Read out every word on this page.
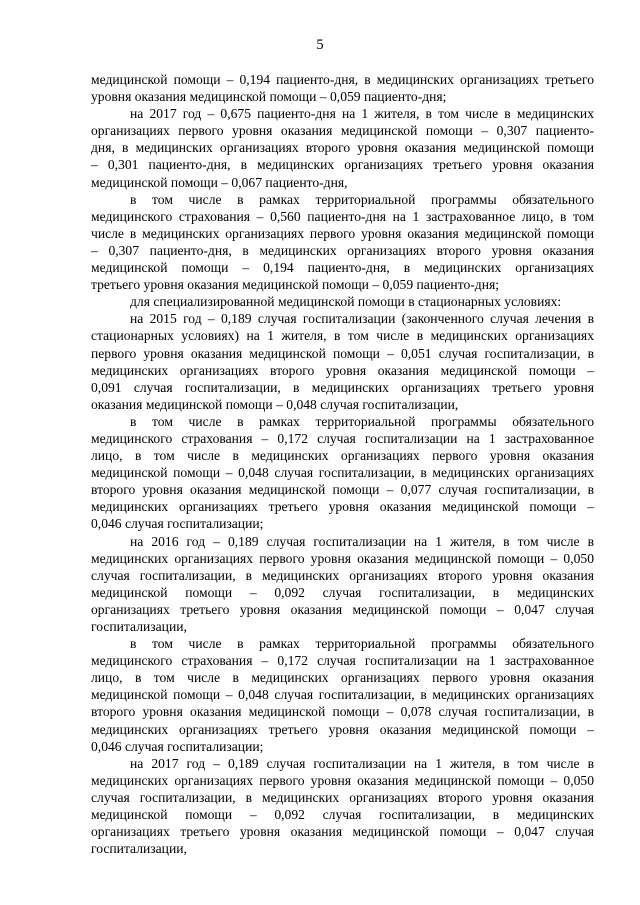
5
медицинской помощи – 0,194 пациенто-дня, в медицинских организациях третьего
уровня оказания медицинской помощи – 0,059 пациенто-дня;
на 2017 год – 0,675 пациенто-дня на 1 жителя, в том числе в медицинских
организациях первого уровня оказания медицинской помощи – 0,307 пациенто-
дня, в медицинских организациях второго уровня оказания медицинской помощи
– 0,301 пациенто-дня, в медицинских организациях третьего уровня оказания
медицинской помощи – 0,067 пациенто-дня,
в том числе в рамках территориальной программы обязательного
медицинского страхования – 0,560 пациенто-дня на 1 застрахованное лицо, в том
числе в медицинских организациях первого уровня оказания медицинской помощи
– 0,307 пациенто-дня, в медицинских организациях второго уровня оказания
медицинской помощи – 0,194 пациенто-дня, в медицинских организациях
третьего уровня оказания медицинской помощи – 0,059 пациенто-дня;
для специализированной медицинской помощи в стационарных условиях:
на 2015 год – 0,189 случая госпитализации (законченного случая лечения в
стационарных условиях) на 1 жителя, в том числе в медицинских организациях
первого уровня оказания медицинской помощи – 0,051 случая госпитализации, в
медицинских организациях второго уровня оказания медицинской помощи –
0,091 случая госпитализации, в медицинских организациях третьего уровня
оказания медицинской помощи – 0,048 случая госпитализации,
в том числе в рамках территориальной программы обязательного
медицинского страхования – 0,172 случая госпитализации на 1 застрахованное
лицо, в том числе в медицинских организациях первого уровня оказания
медицинской помощи – 0,048 случая госпитализации, в медицинских организациях
второго уровня оказания медицинской помощи – 0,077 случая госпитализации, в
медицинских организациях третьего уровня оказания медицинской помощи –
0,046 случая госпитализации;
на 2016 год – 0,189 случая госпитализации на 1 жителя, в том числе в
медицинских организациях первого уровня оказания медицинской помощи – 0,050
случая госпитализации, в медицинских организациях второго уровня оказания
медицинской помощи – 0,092 случая госпитализации, в медицинских
организациях третьего уровня оказания медицинской помощи – 0,047 случая
госпитализации,
в том числе в рамках территориальной программы обязательного
медицинского страхования – 0,172 случая госпитализации на 1 застрахованное
лицо, в том числе в медицинских организациях первого уровня оказания
медицинской помощи – 0,048 случая госпитализации, в медицинских организациях
второго уровня оказания медицинской помощи – 0,078 случая госпитализации, в
медицинских организациях третьего уровня оказания медицинской помощи –
0,046 случая госпитализации;
на 2017 год – 0,189 случая госпитализации на 1 жителя, в том числе в
медицинских организациях первого уровня оказания медицинской помощи – 0,050
случая госпитализации, в медицинских организациях второго уровня оказания
медицинской помощи – 0,092 случая госпитализации, в медицинских
организациях третьего уровня оказания медицинской помощи – 0,047 случая
госпитализации,
